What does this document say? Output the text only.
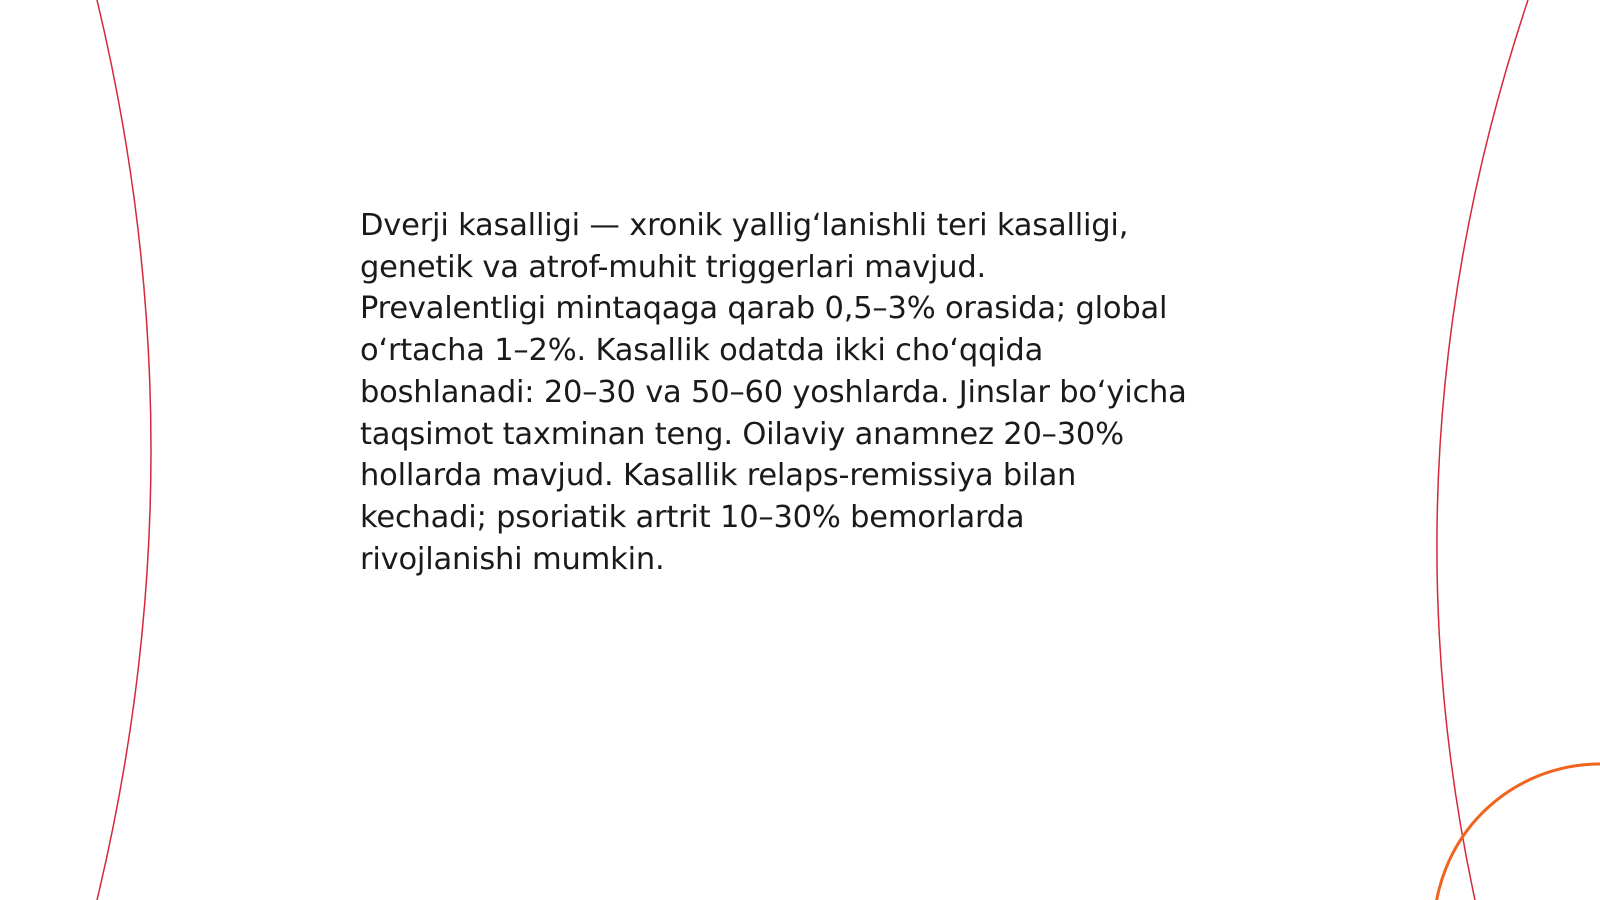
Dverji kasalligi — xronik yallig‘lanishli teri kasalligi,
genetik va atrof-muhit triggerlari mavjud.
Prevalentligi mintaqaga qarab 0,5–3% orasida; global
o‘rtacha 1–2%. Kasallik odatda ikki cho‘qqida
boshlanadi: 20–30 va 50–60 yoshlarda. Jinslar bo‘yicha
taqsimot taxminan teng. Oilaviy anamnez 20–30%
hollarda mavjud. Kasallik relaps-remissiya bilan
kechadi; psoriatik artrit 10–30% bemorlarda
rivojlanishi mumkin.
